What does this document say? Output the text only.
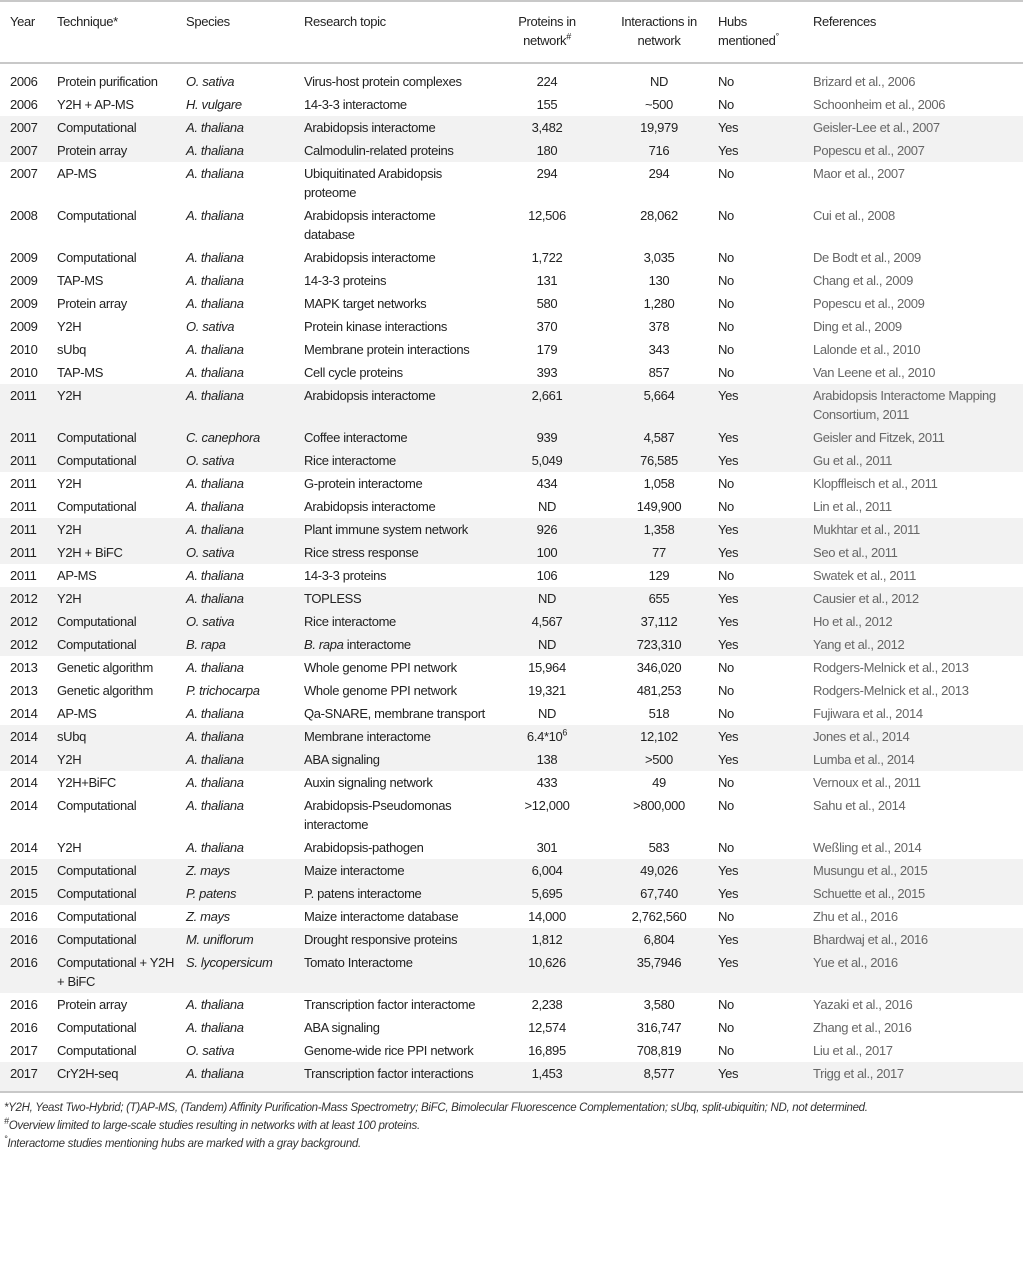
Year	Technique*	Species	Research topic	Proteins in network#	Interactions in network	Hubs mentioned°	References
2006	Protein purification	O. sativa	Virus-host protein complexes	224	ND	No	Brizard et al., 2006
2006	Y2H + AP-MS	H. vulgare	14-3-3 interactome	155	~500	No	Schoonheim et al., 2006
2007	Computational	A. thaliana	Arabidopsis interactome	3,482	19,979	Yes	Geisler-Lee et al., 2007
2007	Protein array	A. thaliana	Calmodulin-related proteins	180	716	Yes	Popescu et al., 2007
2007	AP-MS	A. thaliana	Ubiquitinated Arabidopsis proteome	294	294	No	Maor et al., 2007
2008	Computational	A. thaliana	Arabidopsis interactome database	12,506	28,062	No	Cui et al., 2008
2009	Computational	A. thaliana	Arabidopsis interactome	1,722	3,035	No	De Bodt et al., 2009
2009	TAP-MS	A. thaliana	14-3-3 proteins	131	130	No	Chang et al., 2009
2009	Protein array	A. thaliana	MAPK target networks	580	1,280	No	Popescu et al., 2009
2009	Y2H	O. sativa	Protein kinase interactions	370	378	No	Ding et al., 2009
2010	sUbq	A. thaliana	Membrane protein interactions	179	343	No	Lalonde et al., 2010
2010	TAP-MS	A. thaliana	Cell cycle proteins	393	857	No	Van Leene et al., 2010
2011	Y2H	A. thaliana	Arabidopsis interactome	2,661	5,664	Yes	Arabidopsis Interactome Mapping Consortium, 2011
2011	Computational	C. canephora	Coffee interactome	939	4,587	Yes	Geisler and Fitzek, 2011
2011	Computational	O. sativa	Rice interactome	5,049	76,585	Yes	Gu et al., 2011
2011	Y2H	A. thaliana	G-protein interactome	434	1,058	No	Klopffleisch et al., 2011
2011	Computational	A. thaliana	Arabidopsis interactome	ND	149,900	No	Lin et al., 2011
2011	Y2H	A. thaliana	Plant immune system network	926	1,358	Yes	Mukhtar et al., 2011
2011	Y2H + BiFC	O. sativa	Rice stress response	100	77	Yes	Seo et al., 2011
2011	AP-MS	A. thaliana	14-3-3 proteins	106	129	No	Swatek et al., 2011
2012	Y2H	A. thaliana	TOPLESS	ND	655	Yes	Causier et al., 2012
2012	Computational	O. sativa	Rice interactome	4,567	37,112	Yes	Ho et al., 2012
2012	Computational	B. rapa	B. rapa interactome	ND	723,310	Yes	Yang et al., 2012
2013	Genetic algorithm	A. thaliana	Whole genome PPI network	15,964	346,020	No	Rodgers-Melnick et al., 2013
2013	Genetic algorithm	P. trichocarpa	Whole genome PPI network	19,321	481,253	No	Rodgers-Melnick et al., 2013
2014	AP-MS	A. thaliana	Qa-SNARE, membrane transport	ND	518	No	Fujiwara et al., 2014
2014	sUbq	A. thaliana	Membrane interactome	$6.4*10^6$	12,102	Yes	Jones et al., 2014
2014	Y2H	A. thaliana	ABA signaling	138	>500	Yes	Lumba et al., 2014
2014	Y2H+BiFC	A. thaliana	Auxin signaling network	433	49	No	Vernoux et al., 2011
2014	Computational	A. thaliana	Arabidopsis-Pseudomonas interactome	>12,000	>800,000	No	Sahu et al., 2014
2014	Y2H	A. thaliana	Arabidopsis-pathogen	301	583	No	Weßling et al., 2014
2015	Computational	Z. mays	Maize interactome	6,004	49,026	Yes	Musungu et al., 2015
2015	Computational	P. patens	P. patens interactome	5,695	67,740	Yes	Schuette et al., 2015
2016	Computational	Z. mays	Maize interactome database	14,000	2,762,560	No	Zhu et al., 2016
2016	Computational	M. uniflorum	Drought responsive proteins	1,812	6,804	Yes	Bhardwaj et al., 2016
2016	Computational + Y2H + BiFC	S. lycopersicum	Tomato Interactome	10,626	35,7946	Yes	Yue et al., 2016
2016	Protein array	A. thaliana	Transcription factor interactome	2,238	3,580	No	Yazaki et al., 2016
2016	Computational	A. thaliana	ABA signaling	12,574	316,747	No	Zhang et al., 2016
2017	Computational	O. sativa	Genome-wide rice PPI network	16,895	708,819	No	Liu et al., 2017
2017	CrY2H-seq	A. thaliana	Transcription factor interactions	1,453	8,577	Yes	Trigg et al., 2017
*Y2H, Yeast Two-Hybrid; (T)AP-MS, (Tandem) Affinity Purification-Mass Spectrometry; BiFC, Bimolecular Fluorescence Complementation; sUbq, split-ubiquitin; ND, not determined.
#Overview limited to large-scale studies resulting in networks with at least 100 proteins.
°Interactome studies mentioning hubs are marked with a gray background.
